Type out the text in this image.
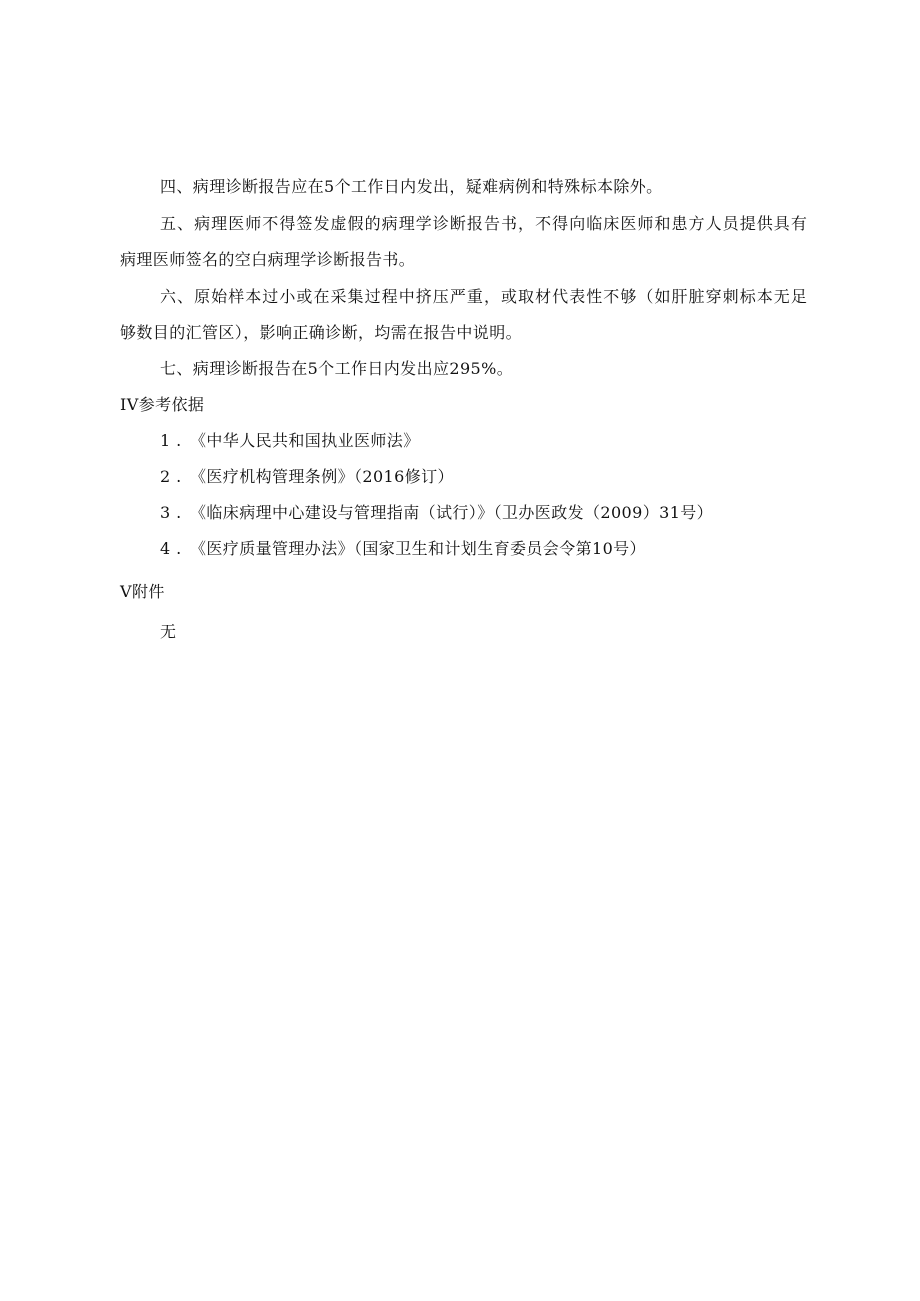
四、病理诊断报告应在5个工作日内发出，疑难病例和特殊标本除外。
五、病理医师不得签发虚假的病理学诊断报告书，不得向临床医师和患方人员提供具有
病理医师签名的空白病理学诊断报告书。
六、原始样本过小或在采集过程中挤压严重，或取材代表性不够（如肝脏穿刺标本无足
够数目的汇管区），影响正确诊断，均需在报告中说明。
七、病理诊断报告在5个工作日内发出应295%。
IV参考依据
1 . 《中华人民共和国执业医师法》
2 . 《医疗机构管理条例》（2016修订）
3 . 《临床病理中心建设与管理指南（试行）》（卫办医政发（2009）31号）
4 . 《医疗质量管理办法》（国家卫生和计划生育委员会令第10号）
V附件
无
